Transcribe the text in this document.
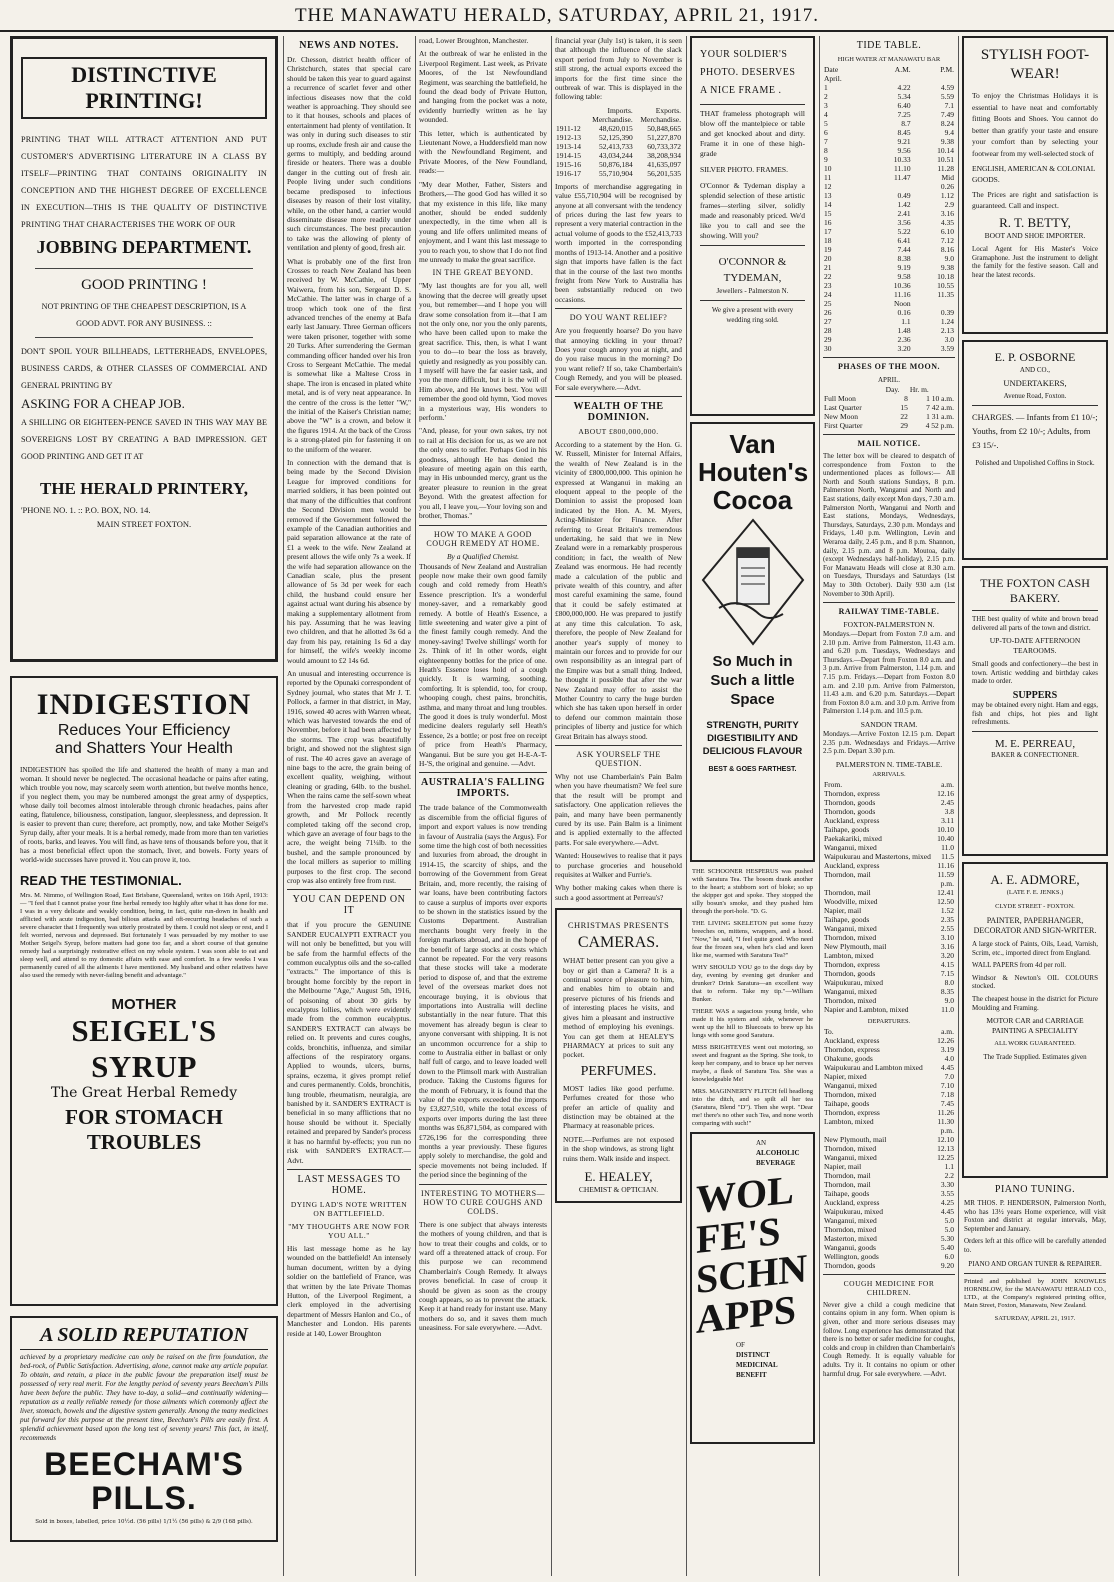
THE MANAWATU HERALD, SATURDAY, APRIL 21, 1917.
DISTINCTIVE PRINTING!
PRINTING THAT WILL ATTRACT ATTENTION AND PUT CUSTOMER'S ADVERTISING LITERATURE IN A CLASS BY ITSELF—PRINTING THAT CONTAINS ORIGINALITY IN CONCEPTION AND THE HIGHEST DEGREE OF EXCELLENCE IN EXECUTION—THIS IS THE QUALITY OF DISTINCTIVE PRINTING THAT CHARACTERISES THE WORK OF OUR
JOBBING DEPARTMENT.
GOOD PRINTING !
NOT PRINTING OF THE CHEAPEST DESCRIPTION, IS A GOOD ADVT. FOR ANY BUSINESS. ::
DON'T SPOIL YOUR BILLHEADS, LETTERHEADS, ENVELOPES, BUSINESS CARDS, & OTHER CLASSES OF COMMERCIAL AND GENERAL PRINTING BY
ASKING FOR A CHEAP JOB.
A SHILLING OR EIGHTEEN-PENCE SAVED IN THIS WAY MAY BE SOVEREIGNS LOST BY CREATING A BAD IMPRESSION. GET GOOD PRINTING AND GET IT AT
THE HERALD PRINTERY,
'PHONE NO. 1. :: P.O. BOX, NO. 14.
MAIN STREET FOXTON.
INDIGESTION
Reduces Your Efficiency
and Shatters Your Health
INDIGESTION has spoiled the life and shattered the health of many a man and woman. It should never be neglected. The occasional headache or pains after eating, which trouble you now, may scarcely seem worth attention, but twelve months hence, if you neglect them, you may be numbered amongst the great army of dyspeptics, whose daily toil becomes almost intolerable through chronic headaches, pains after eating, flatulence, biliousness, constipation, languor, sleeplessness, and depression. It is easier to prevent than cure; therefore, act promptly, now, and take Mother Seigel's Syrup daily, after your meals. It is a herbal remedy, made from more than ten varieties of roots, barks, and leaves. You will find, as have tens of thousands before you, that it has a most beneficial effect upon the stomach, liver, and bowels. Forty years of world-wide successes have proved it. You can prove it, too.
READ THE TESTIMONIAL.
Mrs. M. Nimmo, of Wellington Road, East Brisbane, Queensland, writes on 16th April, 1913:— "I feel that I cannot praise your fine herbal remedy too highly after what it has done for me. I was in a very delicate and weakly condition, being, in fact, quite run-down in health and afflicted with acute indigestion, bad bilious attacks and oft-recurring headaches of such a severe character that I frequently was utterly prostrated by them. I could not sleep or rest, and I felt worried, nervous and depressed. But fortunately I was persuaded by my mother to use Mother Seigel's Syrup, before matters had gone too far, and a short course of that genuine remedy had a surprisingly restorative effect on my whole system. I was soon able to eat and sleep well, and attend to my domestic affairs with ease and comfort. In a few weeks I was permanently cured of all the ailments I have mentioned. My husband and other relatives have also used the remedy with never-failing benefit and advantage."
MOTHER
SEIGEL'S SYRUP
The Great Herbal Remedy
FOR STOMACH TROUBLES
A SOLID REPUTATION
achieved by a proprietary medicine can only be raised on the firm foundation, the bed-rock, of Public Satisfaction. Advertising, alone, cannot make any article popular. To obtain, and retain, a place in the public favour the preparation itself must be possessed of very real merit. For the lengthy period of seventy years Beecham's Pills have been before the public. They have to-day, a solid—and continually widening—reputation as a really reliable remedy for those ailments which commonly affect the liver, stomach, bowels and the digestive system generally. Among the many medicines put forward for this purpose at the present time, Beecham's Pills are easily first. A splendid achievement based upon the long test of seventy years! This fact, in itself, recommends
BEECHAM'S PILLS.
Sold in boxes, labelled, price 10½d. (56 pills) 1/1½ (56 pills) & 2/9 (168 pills).
NEWS AND NOTES.

Dr. Chesson, district health officer of Christchurch, states that special care should be taken this year to guard against a recurrence of scarlet fever and other infectious diseases now that the cold weather is approaching. They should see to it that houses, schools and places of entertainment had plenty of ventilation. It was only in during such diseases to stir up rooms, exclude fresh air and cause the germs to multiply, and bedding around fireside or heaters. There was a double danger in the cutting out of fresh air. People living under such conditions became predisposed to infectious diseases by reason of their lost vitality, while, on the other hand, a carrier would disseminate disease more readily under such circumstances. The best precaution to take was the allowing of plenty of ventilation and plenty of good, fresh air.

What is probably one of the first Iron Crosses to reach New Zealand has been received by W. McCathie, of Upper Waiwera, from his son, Sergeant D. S. McCathie. The latter was in charge of a troop which took one of the first advanced trenches of the enemy at Bafa early last January. Three German officers were taken prisoner, together with some 20 Turks. After surrendering the German commanding officer handed over his Iron Cross to Sergeant McCathie. The medal is somewhat like a Maltese Cross in shape. The iron is encased in plated white metal, and is of very neat appearance. In the centre of the cross is the letter "W," the initial of the Kaiser's Christian name; above the "W" is a crown, and below it the figures 1914. At the back of the Cross is a strong-plated pin for fastening it on to the uniform of the wearer.

In connection with the demand that is being made by the Second Division League for improved conditions for married soldiers, it has been pointed out that many of the difficulties that confront the Second Division men would be removed if the Government followed the example of the Canadian authorities and paid separation allowance at the rate of £1 a week to the wife. New Zealand at present allows the wife only 7s a week. If the wife had separation allowance on the Canadian scale, plus the present allowance of 5s 3d per week for each child, the husband could ensure her against actual want during his absence by making a supplementary allotment from his pay. Assuming that he was leaving two children, and that he allotted 3s 6d a day from his pay, retaining 1s 6d a day for himself, the wife's weekly income would amount to £2 14s 6d.

An unusual and interesting occurrence is reported by the Opunaki correspondent of Sydney journal, who states that Mr J. T. Pollock, a farmer in that district, in May, 1916, sowed 40 acres with Warren wheat, which was harvested towards the end of November, before it had been affected by the storms. The crop was beautifully bright, and showed not the slightest sign of rust. The 40 acres gave an average of nine bags to the acre, the grain being of excellent quality, weighing, without cleaning or grading, 64lb. to the bushel. When the rains came the self-sown wheat from the harvested crop made rapid growth, and Mr Pollock recently completed taking off the second crop, which gave an average of four bags to the acre, the weight being 71¼lb. to the bushel, and the sample pronounced by the local millers as superior to milling purposes to the first crop. The second crop was also entirely free from rust.

YOU CAN DEPEND ON IT

that if you procure the GENUINE SANDER EUCALYPTI EXTRACT you will not only be benefitted, but you will be safe from the harmful effects of the common eucalyptus oils and the so-called "extracts." The importance of this is brought home forcibly by the report in the Melbourne "Age," August 5th, 1916, of poisoning of about 30 girls by eucalyptus lollies, which were evidently made from the common eucalyptus. SANDER'S EXTRACT can always be relied on. It prevents and cures coughs, colds, bronchitis, influenza, and similar affections of the respiratory organs. Applied to wounds, ulcers, burns, sprains, eczema, it gives prompt relief and cures permanently. Colds, bronchitis, lung trouble, rheumatism, neuralgia, are banished by it. SANDER'S EXTRACT is beneficial in so many afflictions that no house should be without it. Specially retained and prepared by Sander's process it has no harmful by-effects; you run no risk with SANDER'S EXTRACT.—Advt.

LAST MESSAGES TO HOME.
DYING LAD'S NOTE WRITTEN ON BATTLEFIELD.
"MY THOUGHTS ARE NOW FOR YOU ALL."

His last message home as he lay wounded on the battlefield! An intensely human document, written by a dying soldier on the battlefield of France, was that written by the late Private Thomas Hutton, of the Liverpool Regiment, a clerk employed in the advertising department of Messrs Hanlon and Co., of Manchester and London. His parents reside at 140, Lower Broughton

road, Lower Broughton, Manchester.

At the outbreak of war he enlisted in the Liverpool Regiment. Last week, as Private Moores, of the 1st Newfoundland Regiment, was searching the battlefield, he found the dead body of Private Hutton, and hanging from the pocket was a note, evidently hurriedly written as he lay wounded.

This letter, which is authenticated by Lieutenant Nowe, a Huddersfield man now with the Newfoundland Regiment, and Private Moores, of the New Foundland, reads:—

"My dear Mother, Father, Sisters and Brothers,—The good God has willed it so that my existence in this life, like many another, should be ended suddenly unexpectedly, in the time when all is young and life offers unlimited means of enjoyment, and I want this last message to you to reach you, to show that I do not find me unready to make the great sacrifice.

IN THE GREAT BEYOND.

"My last thoughts are for you all, well knowing that the decree will greatly upset you, but remember—and I hope you will draw some consolation from it—that I am not the only one, nor you the only parents, who have been called upon to make the great sacrifice. This, then, is what I want you to do—to bear the loss as bravely, quietly and resignedly as you possibly can. I myself will have the far easier task, and you the more difficult, but it is the will of Him above, and He knows best. You will remember the good old hymn, 'God moves in a mysterious way, His wonders to perform.'

"And, please, for your own sakes, try not to rail at His decision for us, as we are not the only ones to suffer. Perhaps God in his goodness, although He has denied the pleasure of meeting again on this earth, may in His unbounded mercy, grant us the greater pleasure to reunion in the great Beyond. With the greatest affection for you all, I leave you,—Your loving son and brother, Thomas."

HOW TO MAKE A GOOD COUGH REMEDY AT HOME.
By a Qualified Chemist.

Thousands of New Zealand and Australian people now make their own good family cough and cold remedy from Heath's Essence prescription. It's a wonderful money-saver, and a remarkably good remedy. A bottle of Heath's Essence, a little sweetening and water give a pint of the finest family cough remedy. And the money-saving! Twelve shillings' worth for 2s. Think of it! In other words, eight eighteenpenny bottles for the price of one. Heath's Essence loses hold of a cough quickly. It is warming, soothing, comforting. It is splendid, too, for croup, whooping cough, chest pains, bronchitis, asthma, and many throat and lung troubles. The good it does is truly wonderful. Most medicine dealers regularly sell Heath's Essence, 2s a bottle; or post free on receipt of price from Heath's Pharmacy, Wanganui. But be sure you get H-E-A-T-H-'S, the original and genuine. —Advt.

AUSTRALIA'S FALLING IMPORTS.

The trade balance of the Commonwealth as discernible from the official figures of import and export values is now trending in favour of Australia (says the Argus). For some time the high cost of both necessities and luxuries from abroad, the drought in 1914-15, the scarcity of ships, and the borrowing of the Government from Great Britain, and, more recently, the raising of war loans, have been contributing factors to cause a surplus of imports over exports to be shown in the statistics issued by the Customs Department. Australian merchants bought very freely in the foreign markets abroad, and in the hope of the benefit of large stocks at costs which cannot be repeated. For the very reasons that these stocks will take a moderate period to dispose of, and that the extreme level of the overseas market does not encourage buying, it is obvious that importations into Australia will decline substantially in the near future. That this movement has already begun is clear to anyone conversant with shipping. It is not an uncommon occurrence for a ship to come to Australia either in ballast or only half full of cargo, and to leave loaded well down to the Plimsoll mark with Australian produce. Taking the Customs figures for the month of February, it is found that the value of the exports exceeded the imports by £3,827,510, while the total excess of exports over imports during the last three months was £6,871,504, as compared with £726,196 for the corresponding three months a year previously. These figures apply solely to merchandise, the gold and specie movements not being included. If the period since the beginning of the

INTERESTING TO MOTHERS—HOW TO CURE COUGHS AND COLDS.

There is one subject that always interests the mothers of young children, and that is how to treat their coughs and colds, or to ward off a threatened attack of croup. For this purpose we can recommend Chamberlain's Cough Remedy. It always proves beneficial. In case of croup it should be given as soon as the croupy cough appears, so as to prevent the attack. Keep it at hand ready for instant use. Many mothers do so, and it saves them much uneasiness. For sale everywhere. —Advt.

financial year (July 1st) is taken, it is seen that although the influence of the slack export period from July to November is still strong, the actual exports exceed the imports for the first time since the outbreak of war. This is displayed in the following table:

	Imports.	Exports.
	Merchandise.	Merchandise.
1911-12	48,620,015	50,848,665
1912-13	52,125,390	51,227,870
1913-14	52,413,733	60,733,372
1914-15	43,034,244	38,208,934
1915-16	50,876,184	41,635,097
1916-17	55,710,904	56,201,535

Imports of merchandise aggregating in value £55,710,904 will be recognised by anyone at all conversant with the tendency of prices during the last few years to represent a very material contraction in the actual volume of goods to the £52,413,733 worth imported in the corresponding months of 1913-14. Another and a positive sign that imports have fallen is the fact that in the course of the last two months freight from New York to Australia has been substantially reduced on two occasions.

DO YOU WANT RELIEF?

Are you frequently hoarse? Do you have that annoying tickling in your throat? Does your cough annoy you at night, and do you raise mucus in the morning? Do you want relief? If so, take Chamberlain's Cough Remedy, and you will be pleased. For sale everywhere.—Advt.

WEALTH OF THE DOMINION.
ABOUT £800,000,000.

According to a statement by the Hon. G. W. Russell, Minister for Internal Affairs, the wealth of New Zealand is in the vicinity of £800,000,000. This opinion he expressed at Wanganui in making an eloquent appeal to the people of the Dominion to assist the proposed loan indicated by the Hon. A. M. Myers, Acting-Minister for Finance. After referring to Great Britain's tremendous undertaking, he said that we in New Zealand were in a remarkably prosperous condition; in fact, the wealth of New Zealand was enormous. He had recently made a calculation of the public and private wealth of this country, and after most careful examining the same, found that it could be safely estimated at £800,000,000. He was prepared to justify at any time this calculation. To ask, therefore, the people of New Zealand for another year's supply of money to maintain our forces and to provide for our own responsibility as an integral part of the Empire was but a small thing. Indeed, he thought it possible that after the war New Zealand may offer to assist the Mother Country to carry the huge burden which she has taken upon herself in order to defend our common maintain those principles of liberty and justice for which Great Britain has always stood.

ASK YOURSELF THE QUESTION.

Why not use Chamberlain's Pain Balm when you have rheumatism? We feel sure that the result will be prompt and satisfactory. One application relieves the pain, and many have been permanently cured by its use. Pain Balm is a liniment and is applied externally to the affected parts. For sale everywhere.—Advt.

Wanted: Housewives to realise that it pays to purchase groceries and household requisites at Walker and Furrie's.

Why bother making cakes when there is such a good assortment at Perreau's?

CHRISTMAS PRESENTS
CAMERAS.

WHAT better present can you give a boy or girl than a Camera? It is a continual source of pleasure to him, and enables him to obtain and preserve pictures of his friends and of interesting places he visits, and gives him a pleasant and instructive method of employing his evenings. You can get them at HEALEY'S PHARMACY at prices to suit any pocket.

PERFUMES.

MOST ladies like good perfume. Perfumes created for those who prefer an article of quality and distinction may be obtained at the Pharmacy at reasonable prices.

NOTE.—Perfumes are not exposed in the shop windows, as strong light ruins them. Walk inside and inspect.

E. HEALEY,
CHEMIST & OPTICIAN.
YOUR SOLDIER'S PHOTO. DESERVES A NICE FRAME .

THAT frameless photograph will blow off the mantelpiece or table and get knocked about and dirty. Frame it in one of these high-grade

SILVER PHOTO. FRAMES.

O'Connor & Tydeman display a splendid selection of these artistic frames—sterling silver, solidly made and reasonably priced. We'd like you to call and see the showing. Will you?

O'CONNOR & TYDEMAN,
Jewellers - Palmerston N.
We give a present with every wedding ring sold.
Van Houten's Cocoa
So Much in Such a little Space
STRENGTH, PURITY DIGESTIBILITY AND DELICIOUS FLAVOUR
BEST & GOES FARTHEST.

THE SCHOONER HESPERUS was pushed with Saratura Tea. The bosom drank another to the heart; a stubborn sort of bloke; so up the skipper got and spoke. They stopped the silly bosun's smoke, and they pushed him through the port-hole. "D. G.

THE LIVING SKELETON put some fuzzy breeches on, mittens, wrappers, and a hood. "Now," he said, "I feel quite good. Who need fear the frozen sea, when he's clad and keen like me, warmed with Saratura Tea?"

WHY SHOULD YOU go to the dogs day by day, evening by evening get drunker and drunker? Drink Saratura—an excellent way that to reform. Take my tip."—William Bunker.

THERE WAS a sagacious young bride, who made it his system and side, whenever he went up the hill to Bluecoats to brew up his lungs with some good Saratura.

MISS BRIGHTEYES went out motoring, so sweet and fragrant as the Spring. She took, to keep her company, and to brace up her nerves maybe, a flask of Saratura Tea. She was a knowledgeable Me!

MRS. MAGINNERTY FLITCH fell headlong into the ditch, and so spilt all her tea (Saratura, Blend "D"). Then she wept. "Dear me! there's no other such Tea, and none worth comparing with such!"

AN
ALCOHOLIC BEVERAGE
WOLFE'S SCHNAPPS
OF
DISTINCT MEDICINAL BENEFIT
TIDE TABLE.
HIGH WATER AT MANAWATU BAR
Date	A.M.	P.M.
April.		
1	4.22	4.59
2	5.34	5.59
3	6.40	7.1
4	7.25	7.49
5	8.7	8.24
6	8.45	9.4
7	9.21	9.38
8	9.56	10.14
9	10.33	10.51
10	11.10	11.28
11	11.47	Mid
12		0.26
13	0.49	1.12
14	1.42	2.9
15	2.41	3.16
16	3.56	4.35
17	5.22	6.10
18	6.41	7.12
19	7.44	8.16
20	8.38	9.0
21	9.19	9.38
22	9.58	10.18
23	10.36	10.55
24	11.16	11.35
25	Noon	
26	0.16	0.39
27	1.1	1.24
28	1.48	2.13
29	2.36	3.0
30	3.20	3.59
PHASES OF THE MOON.
APRIL.
	Day.	Hr. m.
Full Moon	8	1 10 a.m.
Last Quarter	15	7 42 a.m.
New Moon	22	1 31 a.m.
First Quarter	29	4 52 p.m.
MAIL NOTICE.

The letter box will be cleared to despatch of correspondence from Foxton to the undermentioned places as follows:— All North and South stations Sundays, 8 p.m. Palmerston North, Wanganui and North and East stations, daily except Mon days, 7.30 a.m. Palmerston North, Wanganui and North and East stations, Mondays, Wednesdays, Thursdays, Saturdays, 2.30 p.m. Mondays and Fridays, 1.40 p.m. Wellington, Levin and Weraroa daily, 2.45 p.m., and 8 p.m. Shannon, daily, 2.15 p.m. and 8 p.m. Moutoa, daily (except Wednesdays half-holiday), 2.15 p.m. For Manawatu Heads will close at 8.30 a.m. on Tuesdays, Thursdays and Saturdays (1st May to 30th October). Daily 930 a.m (1st November to 30th April).

RAILWAY TIME-TABLE.
FOXTON-PALMERSTON N.

Mondays.—Depart from Foxton 7.0 a.m. and 2.10 p.m. Arrive from Palmerston, 11.43 a.m. and 6.20 p.m. Tuesdays, Wednesdays and Thursdays.—Depart from Foxton 8.0 a.m. and 3 p.m. Arrive from Palmerston, 1.14 p.m. and 7.15 p.m. Fridays.—Depart from Foxton 8.0 a.m. and 2.10 p.m. Arrive from Palmerston, 11.43 a.m. and 6.20 p.m. Saturdays.—Depart from Foxton 8.0 a.m. and 3.0 p.m. Arrive from Palmerston 1.14 p.m. and 10.5 p.m.

SANDON TRAM.

Mondays.—Arrive Foxton 12.15 p.m. Depart 2.35 p.m. Wednesdays and Fridays.—Arrive 2.5 p.m. Depart 3.30 p.m.

PALMERSTON N. TIME-TABLE.
ARRIVALS.
From.	a.m.
Thorndon, express	12.16
Thorndon, goods	2.45
Thorndon, goods	3.8
Auckland, express	3.11
Taihape, goods	10.10
Paekakariki, mixed	10.40
Wanganui, mixed	11.0
Waipukurau and Mastertons, mixed	11.5
Auckland, express	11.16
Thorndon, mail	11.59
	p.m.
Thorndon, mail	12.41
Woodville, mixed	12.50
Napier, mail	1.52
Taihape, goods	2.35
Wanganui, mixed	2.55
Thorndon, mixed	3.10
New Plymouth, mail	3.16
Lambton, mixed	3.20
Thorndon, express	4.15
Thorndon, goods	7.15
Waipukurau, mixed	8.0
Wanganui, mixed	8.35
Thorndon, mixed	9.0
Napier and Lambton, mixed	11.0
DEPARTURES.
To.	a.m.
Auckland, express	12.26
Thorndon, express	3.19
Ohakune, goods	4.0
Waipukurau and Lambton mixed	4.45
Napier, mixed	7.0
Wanganui, mixed	7.10
Thorndon, mixed	7.18
Taihape, goods	7.45
Thorndon, express	11.26
Lambton, mixed	11.30
	p.m.
New Plymouth, mail	12.10
Thorndon, mixed	12.13
Wanganui, mixed	12.25
Napier, mail	1.1
Thorndon, mail	2.2
Thorndon, mail	3.30
Taihape, goods	3.55
Auckland, express	4.25
Waipukurau, mixed	4.45
Wanganui, mixed	5.0
Thorndon, mixed	5.0
Masterton, mixed	5.30
Wanganui, goods	5.40
Wellington, goods	6.0
Thorndon, goods	9.20
COUGH MEDICINE FOR CHILDREN.

Never give a child a cough medicine that contains opium in any form. When opium is given, other and more serious diseases may follow. Long experience has demonstrated that there is no better or safer medicine for coughs, colds and croup in children than Chamberlain's Cough Remedy. It is equally valuable for adults. Try it. It contains no opium or other harmful drug. For sale everywhere. —Advt.

STYLISH FOOT-WEAR!

To enjoy the Christmas Holidays it is essential to have neat and comfortably fitting Boots and Shoes. You cannot do better than gratify your taste and ensure your comfort than by selecting your footwear from my well-selected stock of

ENGLISH, AMERICAN & COLONIAL GOODS.

The Prices are right and satisfaction is guaranteed. Call and inspect.

R. T. BETTY,
BOOT AND SHOE IMPORTER.

Local Agent for His Master's Voice Gramaphone. Just the instrument to delight the family for the festive season. Call and hear the latest records.

E. P. OSBORNE
AND CO.,
UNDERTAKERS,
Avenue Road, Foxton.
CHARGES. — Infants from £1 10/-; Youths, from £2 10/-; Adults, from £3 15/-.
Polished and Unpolished Coffins in Stock.
THE FOXTON CASH BAKERY.

THE best quality of white and brown bread delivered all parts of the town and district.

UP-TO-DATE AFTERNOON TEAROOMS.

Small goods and confectionery—the best in town. Artistic wedding and birthday cakes made to order.

SUPPERS

may be obtained every night. Ham and eggs, fish and chips, hot pies and light refreshments.

M. E. PERREAU,
BAKER & CONFECTIONER.
A. E. ADMORE,
(LATE F. E. JENKS.)
CLYDE STREET - FOXTON.
PAINTER, PAPERHANGER, DECORATOR AND SIGN-WRITER.

A large stock of Paints, Oils, Lead, Varnish, Scrim, etc., imported direct from England.

WALL PAPERS from 4d per roll.

Windsor & Newton's OIL COLOURS stocked.

The cheapest house in the district for Picture Moulding and Framing.

MOTOR CAR and CARRIAGE PAINTING A SPECIALITY
ALL WORK GUARANTEED.
The Trade Supplied. Estimates given
PIANO TUNING.

MR THOS. P. HENDERSON, Palmerston North, who has 13½ years Home experience, will visit Foxton and district at regular intervals, May, September and January.

Orders left at this office will be carefully attended to.

PIANO AND ORGAN TUNER & REPAIRER.

Printed and published by JOHN KNOWLES HORNBLOW, for the MANAWATU HERALD CO., LTD., at the Company's registered printing office, Main Street, Foxton, Manawatu, New Zealand.

SATURDAY, APRIL 21, 1917.
